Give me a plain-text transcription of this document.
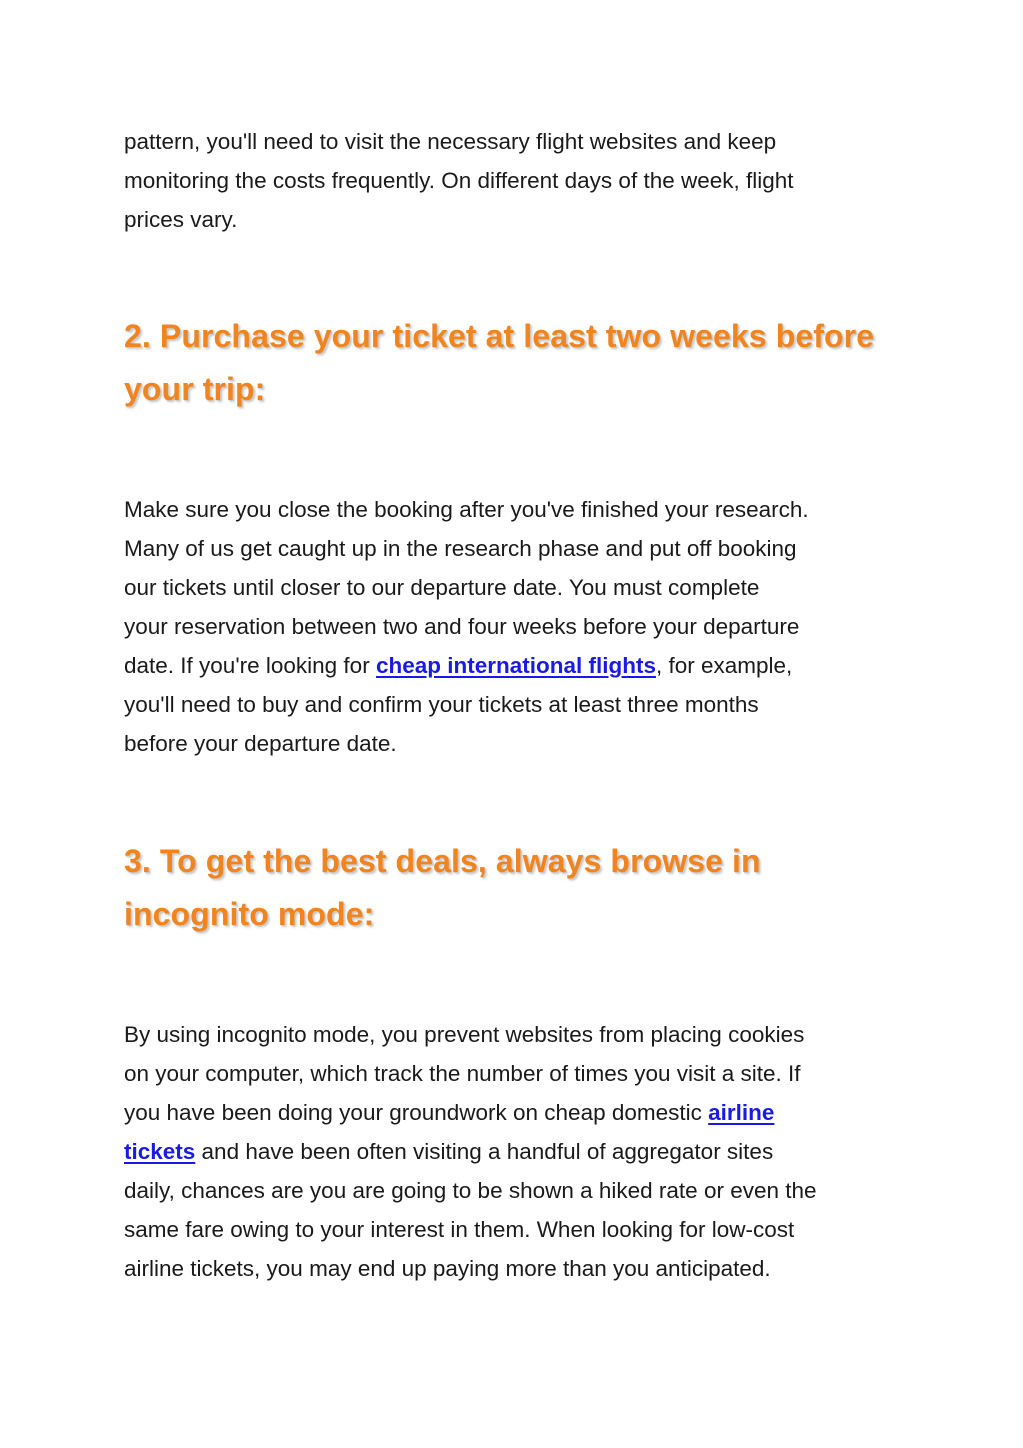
pattern, you'll need to visit the necessary flight websites and keep
monitoring the costs frequently. On different days of the week, flight
prices vary.

2. Purchase your ticket at least two weeks before
your trip:

Make sure you close the booking after you've finished your research.
Many of us get caught up in the research phase and put off booking
our tickets until closer to our departure date. You must complete
your reservation between two and four weeks before your departure
date. If you're looking for cheap international flights, for example,
you'll need to buy and confirm your tickets at least three months
before your departure date.

3. To get the best deals, always browse in
incognito mode:

By using incognito mode, you prevent websites from placing cookies
on your computer, which track the number of times you visit a site. If
you have been doing your groundwork on cheap domestic airline
tickets and have been often visiting a handful of aggregator sites
daily, chances are you are going to be shown a hiked rate or even the
same fare owing to your interest in them. When looking for low-cost
airline tickets, you may end up paying more than you anticipated.
